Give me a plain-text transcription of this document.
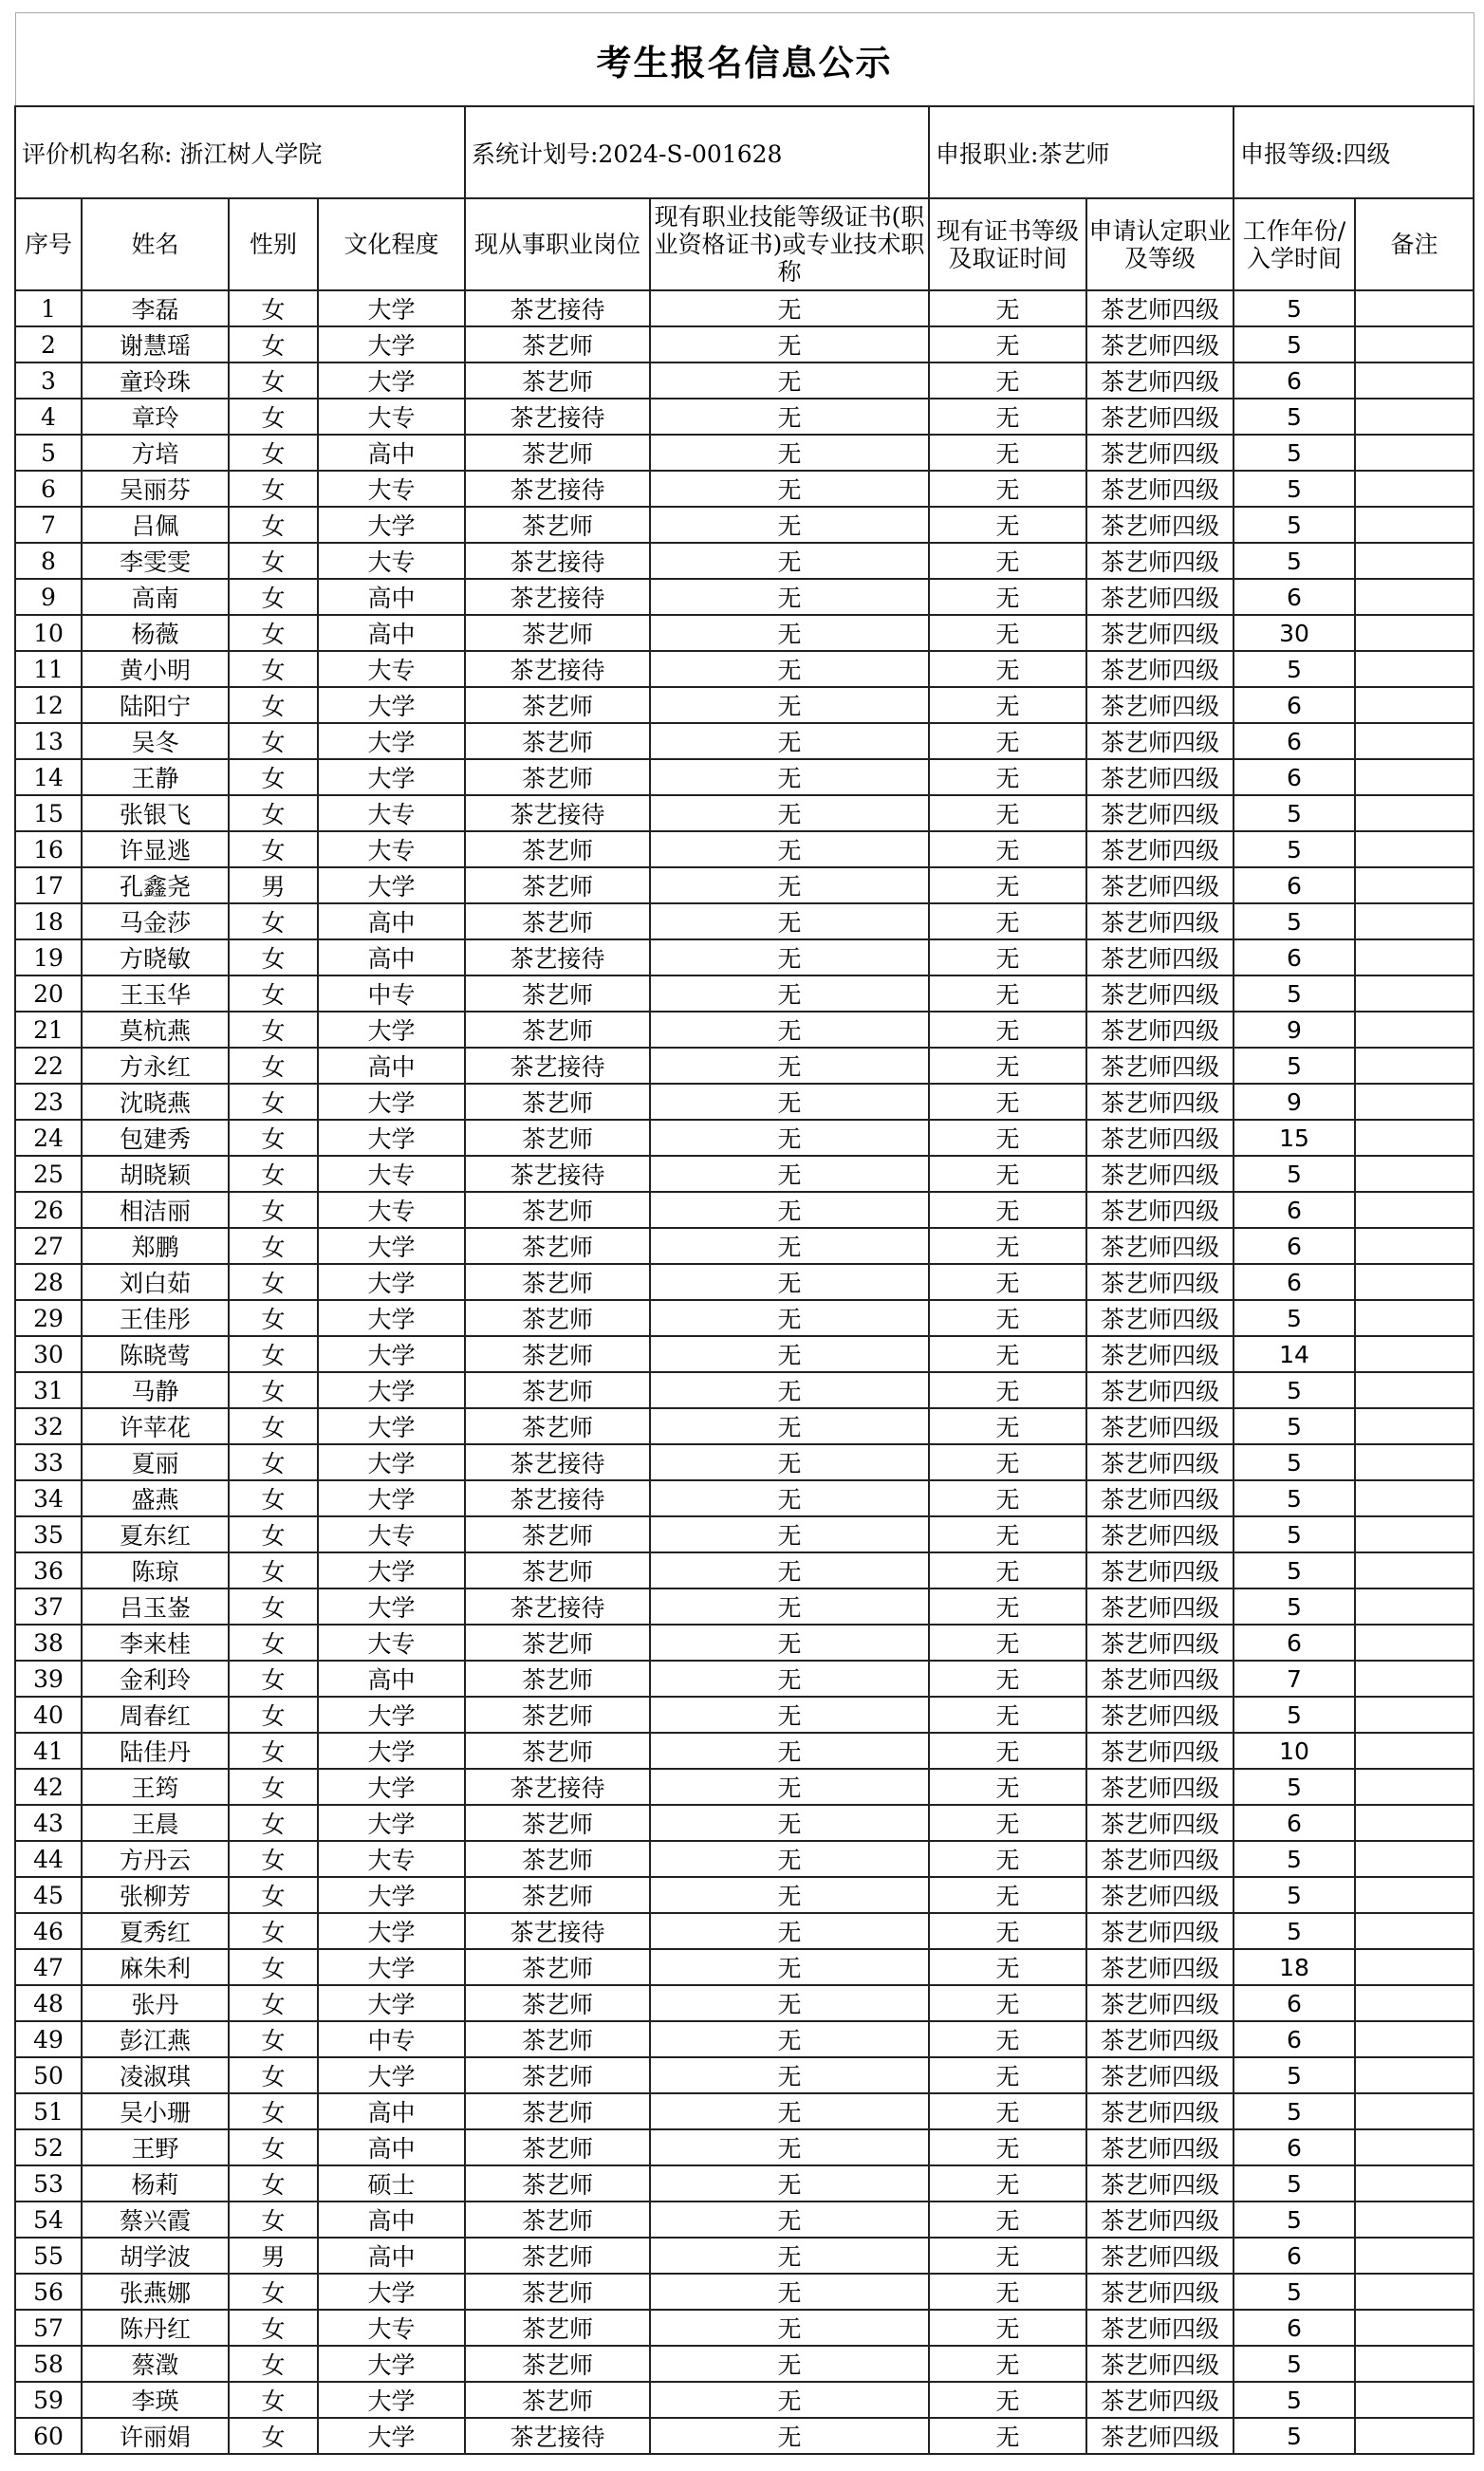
考生报名信息公示									
评价机构名称: 浙江树人学院				系统计划号:2024-S-001628		申报职业:茶艺师		申报等级:四级	
序号	姓名	性别	文化程度	现从事职业岗位	现有职业技能等级证书(职业资格证书)或专业技术职称	现有证书等级及取证时间	申请认定职业及等级	工作年份/入学时间	备注
1	李磊	女	大学	茶艺接待	无	无	茶艺师四级	5	
2	谢慧瑶	女	大学	茶艺师	无	无	茶艺师四级	5	
3	童玲珠	女	大学	茶艺师	无	无	茶艺师四级	6	
4	章玲	女	大专	茶艺接待	无	无	茶艺师四级	5	
5	方培	女	高中	茶艺师	无	无	茶艺师四级	5	
6	吴丽芬	女	大专	茶艺接待	无	无	茶艺师四级	5	
7	吕佩	女	大学	茶艺师	无	无	茶艺师四级	5	
8	李雯雯	女	大专	茶艺接待	无	无	茶艺师四级	5	
9	高南	女	高中	茶艺接待	无	无	茶艺师四级	6	
10	杨薇	女	高中	茶艺师	无	无	茶艺师四级	30	
11	黄小明	女	大专	茶艺接待	无	无	茶艺师四级	5	
12	陆阳宁	女	大学	茶艺师	无	无	茶艺师四级	6	
13	吴冬	女	大学	茶艺师	无	无	茶艺师四级	6	
14	王静	女	大学	茶艺师	无	无	茶艺师四级	6	
15	张银飞	女	大专	茶艺接待	无	无	茶艺师四级	5	
16	许显逃	女	大专	茶艺师	无	无	茶艺师四级	5	
17	孔鑫尧	男	大学	茶艺师	无	无	茶艺师四级	6	
18	马金莎	女	高中	茶艺师	无	无	茶艺师四级	5	
19	方晓敏	女	高中	茶艺接待	无	无	茶艺师四级	6	
20	王玉华	女	中专	茶艺师	无	无	茶艺师四级	5	
21	莫杭燕	女	大学	茶艺师	无	无	茶艺师四级	9	
22	方永红	女	高中	茶艺接待	无	无	茶艺师四级	5	
23	沈晓燕	女	大学	茶艺师	无	无	茶艺师四级	9	
24	包建秀	女	大学	茶艺师	无	无	茶艺师四级	15	
25	胡晓颖	女	大专	茶艺接待	无	无	茶艺师四级	5	
26	相洁丽	女	大专	茶艺师	无	无	茶艺师四级	6	
27	郑鹏	女	大学	茶艺师	无	无	茶艺师四级	6	
28	刘白茹	女	大学	茶艺师	无	无	茶艺师四级	6	
29	王佳彤	女	大学	茶艺师	无	无	茶艺师四级	5	
30	陈晓莺	女	大学	茶艺师	无	无	茶艺师四级	14	
31	马静	女	大学	茶艺师	无	无	茶艺师四级	5	
32	许苹花	女	大学	茶艺师	无	无	茶艺师四级	5	
33	夏丽	女	大学	茶艺接待	无	无	茶艺师四级	5	
34	盛燕	女	大学	茶艺接待	无	无	茶艺师四级	5	
35	夏东红	女	大专	茶艺师	无	无	茶艺师四级	5	
36	陈琼	女	大学	茶艺师	无	无	茶艺师四级	5	
37	吕玉崟	女	大学	茶艺接待	无	无	茶艺师四级	5	
38	李来桂	女	大专	茶艺师	无	无	茶艺师四级	6	
39	金利玲	女	高中	茶艺师	无	无	茶艺师四级	7	
40	周春红	女	大学	茶艺师	无	无	茶艺师四级	5	
41	陆佳丹	女	大学	茶艺师	无	无	茶艺师四级	10	
42	王筠	女	大学	茶艺接待	无	无	茶艺师四级	5	
43	王晨	女	大学	茶艺师	无	无	茶艺师四级	6	
44	方丹云	女	大专	茶艺师	无	无	茶艺师四级	5	
45	张柳芳	女	大学	茶艺师	无	无	茶艺师四级	5	
46	夏秀红	女	大学	茶艺接待	无	无	茶艺师四级	5	
47	麻朱利	女	大学	茶艺师	无	无	茶艺师四级	18	
48	张丹	女	大学	茶艺师	无	无	茶艺师四级	6	
49	彭江燕	女	中专	茶艺师	无	无	茶艺师四级	6	
50	凌淑琪	女	大学	茶艺师	无	无	茶艺师四级	5	
51	吴小珊	女	高中	茶艺师	无	无	茶艺师四级	5	
52	王野	女	高中	茶艺师	无	无	茶艺师四级	6	
53	杨莉	女	硕士	茶艺师	无	无	茶艺师四级	5	
54	蔡兴霞	女	高中	茶艺师	无	无	茶艺师四级	5	
55	胡学波	男	高中	茶艺师	无	无	茶艺师四级	6	
56	张燕娜	女	大学	茶艺师	无	无	茶艺师四级	5	
57	陈丹红	女	大专	茶艺师	无	无	茶艺师四级	6	
58	蔡澂	女	大学	茶艺师	无	无	茶艺师四级	5	
59	李瑛	女	大学	茶艺师	无	无	茶艺师四级	5	
60	许丽娟	女	大学	茶艺接待	无	无	茶艺师四级	5	
